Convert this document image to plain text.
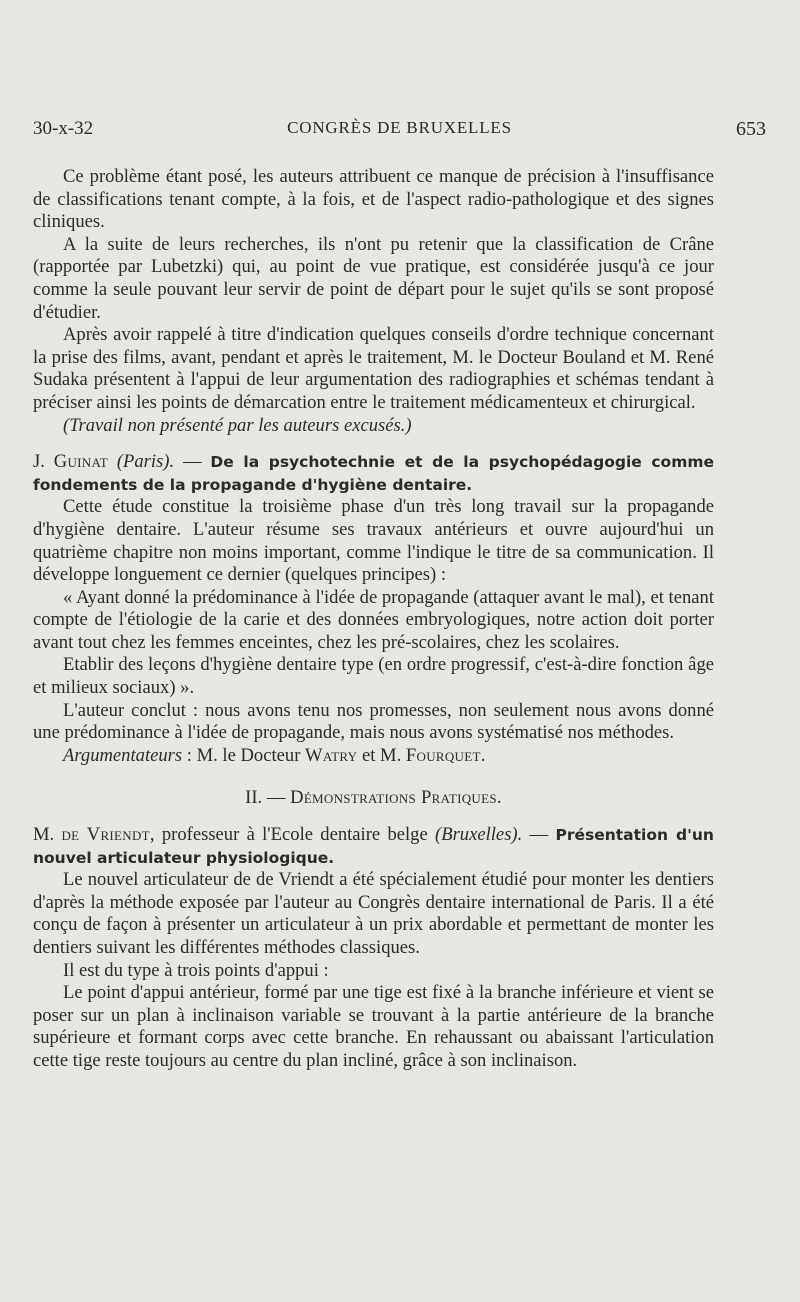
30-x-32	CONGRÈS DE BRUXELLES	653

Ce problème étant posé, les auteurs attribuent ce manque de précision à l'insuffisance de classifications tenant compte, à la fois, et de l'aspect radio-pathologique et des signes cliniques.

A la suite de leurs recherches, ils n'ont pu retenir que la classification de Crâne (rapportée par Lubetzki) qui, au point de vue pratique, est considérée jusqu'à ce jour comme la seule pouvant leur servir de point de départ pour le sujet qu'ils se sont proposé d'étudier.

Après avoir rappelé à titre d'indication quelques conseils d'ordre technique concernant la prise des films, avant, pendant et après le traitement, M. le Docteur Bouland et M. René Sudaka présentent à l'appui de leur argumentation des radiographies et schémas tendant à préciser ainsi les points de démarcation entre le traitement médicamenteux et chirurgical.

(Travail non présenté par les auteurs excusés.)

J. Guinat (Paris). — De la psychotechnie et de la psychopédagogie comme fondements de la propagande d'hygiène dentaire.

Cette étude constitue la troisième phase d'un très long travail sur la propagande d'hygiène dentaire. L'auteur résume ses travaux antérieurs et ouvre aujourd'hui un quatrième chapitre non moins important, comme l'indique le titre de sa communication. Il développe longuement ce dernier (quelques principes) :

« Ayant donné la prédominance à l'idée de propagande (attaquer avant le mal), et tenant compte de l'étiologie de la carie et des données embryologiques, notre action doit porter avant tout chez les femmes enceintes, chez les pré-scolaires, chez les scolaires.

Etablir des leçons d'hygiène dentaire type (en ordre progressif, c'est-à-dire fonction âge et milieux sociaux) ».

L'auteur conclut : nous avons tenu nos promesses, non seulement nous avons donné une prédominance à l'idée de propagande, mais nous avons systématisé nos méthodes.

Argumentateurs : M. le Docteur Watry et M. Fourquet.

II. — Démonstrations Pratiques.

M. de Vriendt, professeur à l'Ecole dentaire belge (Bruxelles). — Présentation d'un nouvel articulateur physiologique.

Le nouvel articulateur de de Vriendt a été spécialement étudié pour monter les dentiers d'après la méthode exposée par l'auteur au Congrès dentaire international de Paris. Il a été conçu de façon à présenter un articulateur à un prix abordable et permettant de monter les dentiers suivant les différentes méthodes classiques.

Il est du type à trois points d'appui :

Le point d'appui antérieur, formé par une tige est fixé à la branche inférieure et vient se poser sur un plan à inclinaison variable se trouvant à la partie antérieure de la branche supérieure et formant corps avec cette branche. En rehaussant ou abaissant l'articulation cette tige reste toujours au centre du plan incliné, grâce à son inclinaison.
